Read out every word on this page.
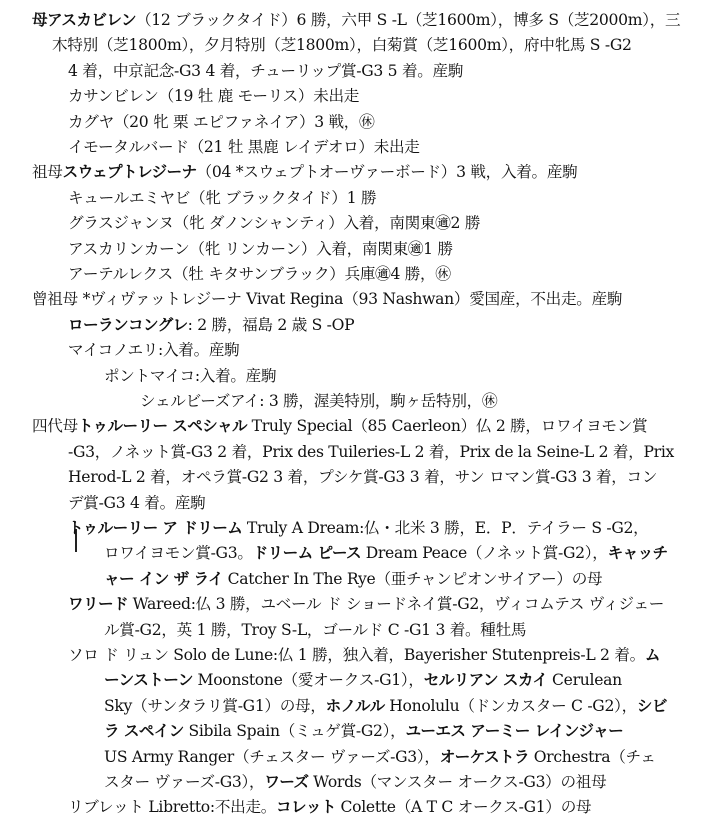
母アスカビレン（12 ブラックタイド）6 勝，六甲 S -L（芝1600m），博多 S（芝2000m），三
木特別（芝1800m），夕月特別（芝1800m），白菊賞（芝1600m），府中牝馬 S -G2
4 着，中京記念-G3 4 着，チューリップ賞-G3 5 着。産駒
カサンビレン（19 牡 鹿 モーリス）未出走
カグヤ（20 牝 栗 エピファネイア）3 戦，㊡
イモータルバード（21 牡 黒鹿 レイデオロ）未出走
祖母スウェプトレジーナ（04 *スウェプトオーヴァーボード）3 戦，入着。産駒
キュールエミヤビ（牝 ブラックタイド）1 勝
グラスジャンヌ（牝 ダノンシャンティ）入着，南関東㊜2 勝
アスカリンカーン（牝 リンカーン）入着，南関東㊜1 勝
アーテルレクス（牡 キタサンブラック）兵庫㊜4 勝，㊡
曾祖母 *ヴィヴァットレジーナ Vivat Regina（93 Nashwan）愛国産，不出走。産駒
ローランコングレ: 2 勝，福島 2 歳 S -OP
マイコノエリ:入着。産駒
ポントマイコ:入着。産駒
シェルビーズアイ: 3 勝，渥美特別，駒ヶ岳特別，㊡
四代母トゥルーリー スペシャル Truly Special（85 Caerleon）仏 2 勝，ロワイヨモン賞
-G3，ノネット賞-G3 2 着，Prix des Tuileries-L 2 着，Prix de la Seine-L 2 着，Prix
Herod-L 2 着，オペラ賞-G2 3 着，プシケ賞-G3 3 着，サン ロマン賞-G3 3 着，コン
デ賞-G3 4 着。産駒
トゥルーリー ア ドリーム Truly A Dream:仏・北米 3 勝，E．P．テイラー S -G2，
ロワイヨモン賞-G3。ドリーム ピース Dream Peace（ノネット賞-G2），キャッチ
ャー イン ザ ライ Catcher In The Rye（亜チャンピオンサイアー）の母
ワリード Wareed:仏 3 勝，ユベール ド ショードネイ賞-G2，ヴィコムテス ヴィジェー
ル賞-G2，英 1 勝，Troy S-L，ゴールド C -G1 3 着。種牡馬
ソロ ド リュン Solo de Lune:仏 1 勝，独入着，Bayerisher Stutenpreis-L 2 着。ム
ーンストーン Moonstone（愛オークス-G1），セルリアン スカイ Cerulean
Sky（サンタラリ賞-G1）の母，ホノルル Honolulu（ドンカスター C -G2），シビ
ラ スペイン Sibila Spain（ミュゲ賞-G2），ユーエス アーミー レインジャー
US Army Ranger（チェスター ヴァーズ-G3），オーケストラ Orchestra（チェ
スター ヴァーズ-G3），ワーズ Words（マンスター オークス-G3）の祖母
リブレット Libretto:不出走。コレット Colette（A T C オークス-G1）の母
